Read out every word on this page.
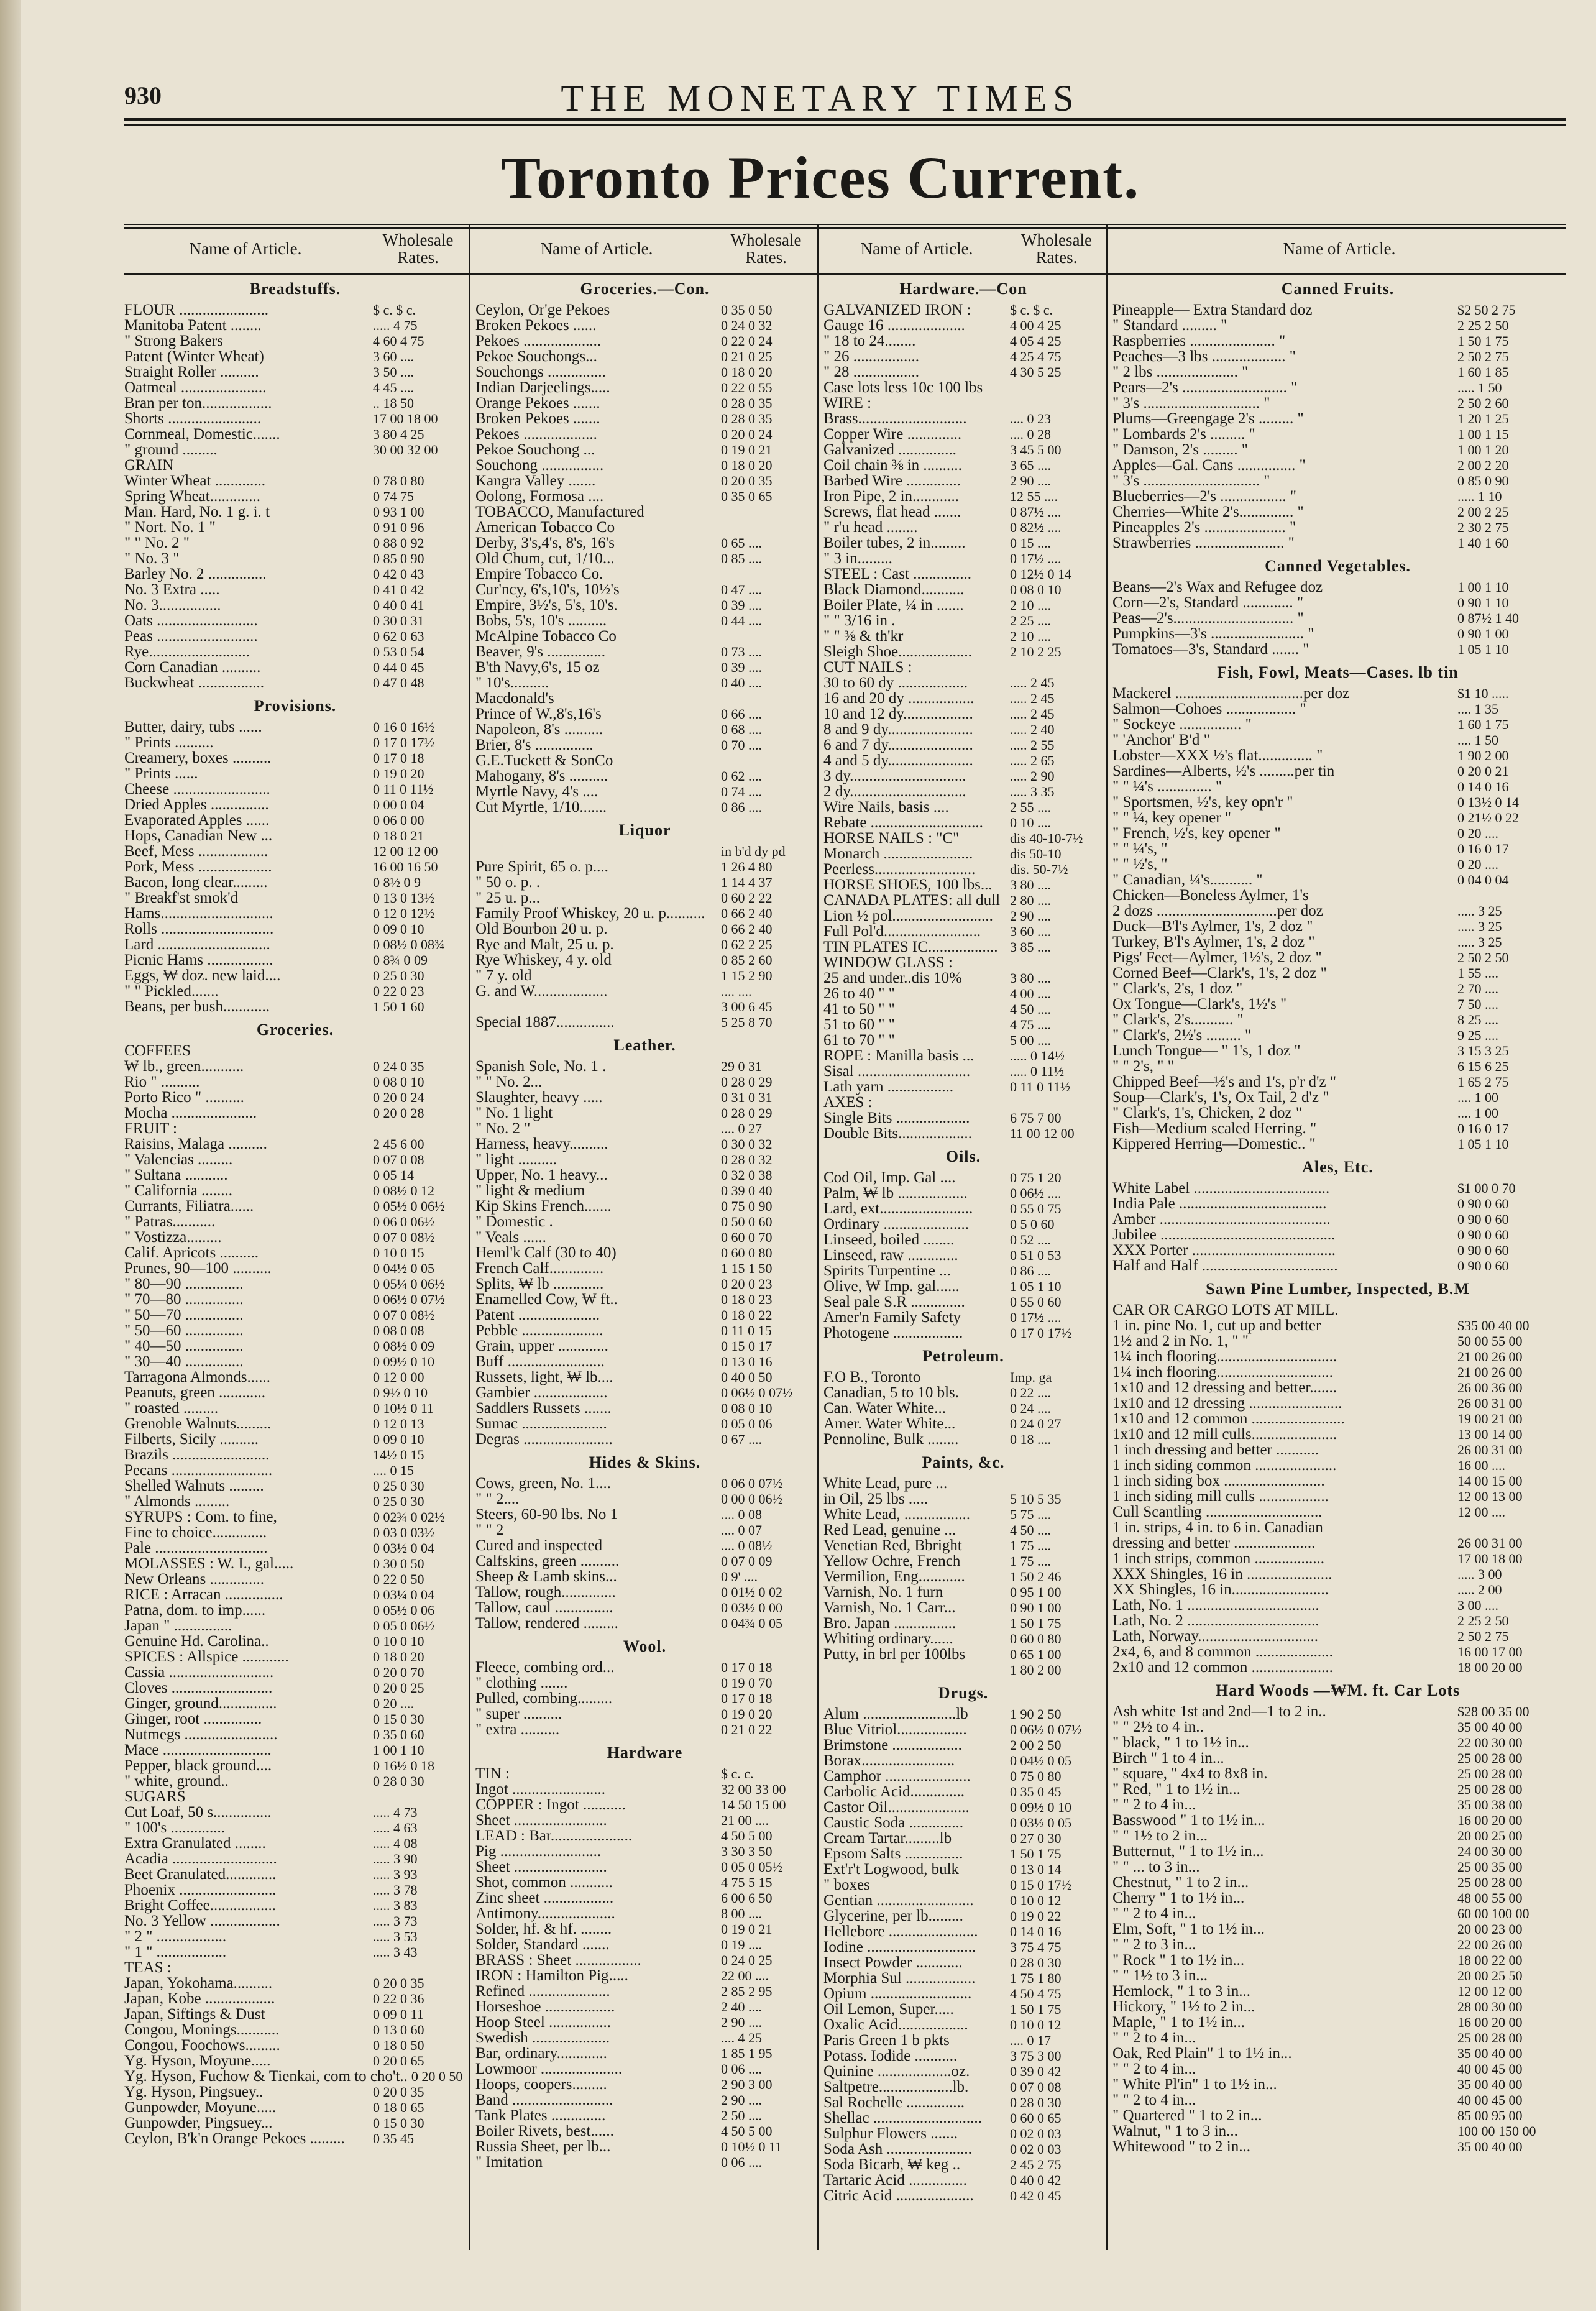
930	THE MONETARY TIMES
Toronto Prices Current.
Name of Article.	Wholesale Rates.	Name of Article.	Wholesale Rates.	Name of Article.	Wholesale Rates.	Name of Article.
Breadstuffs.
FLOUR .......................	$ c. $ c.
Manitoba Patent ........	..... 4 75
" Strong Bakers	4 60 4 75
Patent (Winter Wheat)	3 60 ....
Straight Roller ..........	3 50 ....
Oatmeal ......................	4 45 ....
Bran per ton..................	.. 18 50
Shorts ........................	17 00 18 00
Cornmeal, Domestic.......	3 80 4 25
" ground .........	30 00 32 00
GRAIN
Winter Wheat .............	0 78 0 80
Spring Wheat.............	0 74 75
Man. Hard, No. 1 g. i. t	0 93 1 00
" Nort. No. 1 "	0 91 0 96
" " No. 2 "	0 88 0 92
" No. 3 "	0 85 0 90
Barley No. 2 ...............	0 42 0 43
No. 3 Extra .....	0 41 0 42
No. 3................	0 40 0 41
Oats ..........................	0 30 0 31
Peas ..........................	0 62 0 63
Rye..........................	0 53 0 54
Corn Canadian ..........	0 44 0 45
Buckwheat .................	0 47 0 48
Provisions.
Butter, dairy, tubs ......	0 16 0 16½
" Prints ..........	0 17 0 17½
Creamery, boxes ..........	0 17 0 18
" Prints ......	0 19 0 20
Cheese .........................	0 11 0 11½
Dried Apples ...............	0 00 0 04
Evaporated Apples ......	0 06 0 00
Hops, Canadian New ...	0 18 0 21
Beef, Mess ..................	12 00 12 00
Pork, Mess ...................	16 00 16 50
Bacon, long clear.........	0 8½ 0 9
" Breakf'st smok'd	0 13 0 13½
Hams.............................	0 12 0 12½
Rolls .............................	0 09 0 10
Lard .............................	0 08½ 0 08¾
Picnic Hams .................	0 8¾ 0 09
Eggs, ₩ doz. new laid....	0 25 0 30
" " Pickled.......	0 22 0 23
Beans, per bush............	1 50 1 60
Groceries.
COFFEES
₩ lb., green...........	0 24 0 35
Rio " ..........	0 08 0 10
Porto Rico " ..........	0 20 0 24
Mocha ......................	0 20 0 28
FRUIT :
Raisins, Malaga ..........	2 45 6 00
" Valencias .........	0 07 0 08
" Sultana ...........	0 05 14
" California ........	0 08½ 0 12
Currants, Filiatra......	0 05½ 0 06½
" Patras...........	0 06 0 06½
" Vostizza.........	0 07 0 08½
Calif. Apricots ..........	0 10 0 15
Prunes, 90—100 ..........	0 04½ 0 05
" 80—90 ...............	0 05¼ 0 06½
" 70—80 ...............	0 06½ 0 07½
" 50—70 ...............	0 07 0 08½
" 50—60 ...............	0 08 0 08
" 40—50 ...............	0 08½ 0 09
" 30—40 ...............	0 09½ 0 10
Tarragona Almonds......	0 12 0 00
Peanuts, green ............	0 9½ 0 10
" roasted .........	0 10½ 0 11
Grenoble Walnuts.........	0 12 0 13
Filberts, Sicily ..........	0 09 0 10
Brazils .........................	14½ 0 15
Pecans ..........................	.... 0 15
Shelled Walnuts .........	0 25 0 30
" Almonds .........	0 25 0 30
SYRUPS : Com. to fine,	0 02¾ 0 02½
Fine to choice..............	0 03 0 03½
Pale .............................	0 03½ 0 04
MOLASSES : W. I., gal.....	0 30 0 50
New Orleans ..............	0 22 0 50
RICE : Arracan ...............	0 03¼ 0 04
Patna, dom. to imp......	0 05½ 0 06
Japan " ...............	0 05 0 06½
Genuine Hd. Carolina..	0 10 0 10
SPICES : Allspice ............	0 18 0 20
Cassia ...........................	0 20 0 70
Cloves ..........................	0 20 0 25
Ginger, ground...............	0 20 ....
Ginger, root ...............	0 15 0 30
Nutmegs ........................	0 35 0 60
Mace ............................	1 00 1 10
Pepper, black ground....	0 16½ 0 18
" white, ground..	0 28 0 30
SUGARS
Cut Loaf, 50 s...............	..... 4 73
" 100's ..............	..... 4 63
Extra Granulated ........	..... 4 08
Acadia ...........................	..... 3 90
Beet Granulated.............	..... 3 93
Phoenix .........................	..... 3 78
Bright Coffee.................	..... 3 83
No. 3 Yellow ..................	..... 3 73
" 2 " ..................	..... 3 53
" 1 " ..................	..... 3 43
TEAS :
Japan, Yokohama..........	0 20 0 35
Japan, Kobe ..................	0 22 0 36
Japan, Siftings & Dust	0 09 0 11
Congou, Monings...........	0 13 0 60
Congou, Foochows.........	0 18 0 50
Yg. Hyson, Moyune.....	0 20 0 65
Yg. Hyson, Fuchow & Tienkai, com to cho't.. 0 20 0 50
Yg. Hyson, Pingsuey..	0 20 0 35
Gunpowder, Moyune.....	0 18 0 65
Gunpowder, Pingsuey...	0 15 0 30
Ceylon, B'k'n Orange Pekoes .........	0 35 45
Groceries.—Con.
Ceylon, Or'ge Pekoes	0 35 0 50
Broken Pekoes ......	0 24 0 32
Pekoes ....................	0 22 0 24
Pekoe Souchongs...	0 21 0 25
Souchongs ...............	0 18 0 20
Indian Darjeelings.....	0 22 0 55
Orange Pekoes .......	0 28 0 35
Broken Pekoes .......	0 28 0 35
Pekoes ...................	0 20 0 24
Pekoe Souchong ...	0 19 0 21
Souchong ................	0 18 0 20
Kangra Valley .......	0 20 0 35
Oolong, Formosa ....	0 35 0 65
TOBACCO, Manufactured
American Tobacco Co
Derby, 3's,4's, 8's, 16's	0 65 ....
Old Chum, cut, 1/10...	0 85 ....
Empire Tobacco Co.
Cur'ncy, 6's,10's, 10½'s	0 47 ....
Empire, 3½'s, 5's, 10's.	0 39 ....
Bobs, 5's, 10's ..........	0 44 ....
McAlpine Tobacco Co
Beaver, 9's ...............	0 73 ....
B'th Navy,6's, 15 oz	0 39 ....
" 10's..........	0 40 ....
Macdonald's
Prince of W.,8's,16's	0 66 ....
Napoleon, 8's ..........	0 68 ....
Brier, 8's ...............	0 70 ....
G.E.Tuckett & SonCo
Mahogany, 8's ..........	0 62 ....
Myrtle Navy, 4's ....	0 74 ....
Cut Myrtle, 1/10.......	0 86 ....
Liquor
in b'd dy pd
Pure Spirit, 65 o. p....	1 26 4 80
" 50 o. p. .	1 14 4 37
" 25 u. p...	0 60 2 22
Family Proof Whiskey, 20 u. p..........	0 66 2 40
Old Bourbon 20 u. p.	0 66 2 40
Rye and Malt, 25 u. p.	0 62 2 25
Rye Whiskey, 4 y. old	0 85 2 60
" 7 y. old	1 15 2 90
G. and W...................	.... ....
3 00 6 45
Special 1887...............	5 25 8 70
Leather.
Spanish Sole, No. 1 .	29 0 31
" " No. 2...	0 28 0 29
Slaughter, heavy .....	0 31 0 31
" No. 1 light	0 28 0 29
" No. 2 "	.... 0 27
Harness, heavy..........	0 30 0 32
" light ..........	0 28 0 32
Upper, No. 1 heavy...	0 32 0 38
" light & medium	0 39 0 40
Kip Skins French.......	0 75 0 90
" Domestic .	0 50 0 60
" Veals ......	0 60 0 70
Heml'k Calf (30 to 40)	0 60 0 80
French Calf..............	1 15 1 50
Splits, ₩ lb .............	0 20 0 23
Enamelled Cow, ₩ ft..	0 18 0 23
Patent .....................	0 18 0 22
Pebble .....................	0 11 0 15
Grain, upper .............	0 15 0 17
Buff .........................	0 13 0 16
Russets, light, ₩ lb....	0 40 0 50
Gambier ...................	0 06½ 0 07½
Saddlers Russets .......	0 08 0 10
Sumac ......................	0 05 0 06
Degras .......................	0 67 ....
Hides & Skins.
Cows, green, No. 1....	0 06 0 07½
" " 2....	0 00 0 06½
Steers, 60-90 lbs. No 1	.... 0 08
" " 2	.... 0 07
Cured and inspected	.... 0 08½
Calfskins, green ..........	0 07 0 09
Sheep & Lamb skins...	0 9' ....
Tallow, rough..............	0 01½ 0 02
Tallow, caul ...............	0 03½ 0 00
Tallow, rendered .........	0 04¾ 0 05
Wool.
Fleece, combing ord...	0 17 0 18
" clothing .......	0 19 0 70
Pulled, combing.........	0 17 0 18
" super ..........	0 19 0 20
" extra ..........	0 21 0 22
Hardware
TIN :	$ c. c.
Ingot ........................	32 00 33 00
COPPER : Ingot ...........	14 50 15 00
Sheet ........................	21 00 ....
LEAD : Bar.....................	4 50 5 00
Pig ..........................	3 30 3 50
Sheet ........................	0 05 0 05½
Shot, common ...........	4 75 5 15
Zinc sheet ..................	6 00 6 50
Antimony....................	8 00 ....
Solder, hf. & hf. ........	0 19 0 21
Solder, Standard .......	0 19 ....
BRASS : Sheet .................	0 24 0 25
IRON : Hamilton Pig.....	22 00 ....
Refined .....................	2 85 2 95
Horseshoe ..................	2 40 ....
Hoop Steel ................	2 90 ....
Swedish ....................	.... 4 25
Bar, ordinary.............	1 85 1 95
Lowmoor .....................	0 06 ....
Hoops, coopers.........	2 90 3 00
Band ..........................	2 90 ....
Tank Plates ..............	2 50 ....
Boiler Rivets, best......	4 50 5 00
Russia Sheet, per lb...	0 10½ 0 11
" Imitation	0 06 ....
Hardware.—Con
GALVANIZED IRON :	$ c. $ c.
Gauge 16 ....................	4 00 4 25
" 18 to 24........	4 05 4 25
" 26 .................	4 25 4 75
" 28 .................	4 30 5 25
Case lots less 10c 100 lbs
WIRE :
Brass............................	.... 0 23
Copper Wire ..............	.... 0 28
Galvanized ...............	3 45 5 00
Coil chain ⅜ in ..........	3 65 ....
Barbed Wire ..............	2 90 ....
Iron Pipe, 2 in............	12 55 ....
Screws, flat head .......	0 87½ ....
" r'u head ........	0 82½ ....
Boiler tubes, 2 in.........	0 15 ....
" 3 in.........	0 17½ ....
STEEL : Cast ...............	0 12½ 0 14
Black Diamond...........	0 08 0 10
Boiler Plate, ¼ in .......	2 10 ....
" " 3/16 in .	2 25 ....
" " ⅜ & th'kr	2 10 ....
Sleigh Shoe...................	2 10 2 25
CUT NAILS :
30 to 60 dy ..................	..... 2 45
16 and 20 dy .................	..... 2 45
10 and 12 dy..................	..... 2 45
8 and 9 dy......................	..... 2 40
6 and 7 dy......................	..... 2 55
4 and 5 dy......................	..... 2 65
3 dy..............................	..... 2 90
2 dy..............................	..... 3 35
Wire Nails, basis ....	2 55 ....
Rebate .............................	0 10 ....
HORSE NAILS : "C"	dis 40-10-7½
Monarch .......................	dis 50-10
Peerless..........................	dis. 50-7½
HORSE SHOES, 100 lbs...	3 80 ....
CANADA PLATES: all dull 2 80 ....
Lion ½ pol..........................	2 90 ....
Full Pol'd.........................	3 60 ....
TIN PLATES IC.................. 3 85 ....
WINDOW GLASS :
25 and under..dis 10%	3 80 ....
26 to 40 " "	4 00 ....
41 to 50 " "	4 50 ....
51 to 60 " "	4 75 ....
61 to 70 " "	5 00 ....
ROPE : Manilla basis ...	..... 0 14½
Sisal .............................	..... 0 11½
Lath yarn .................	0 11 0 11½
AXES :
Single Bits ...................	6 75 7 00
Double Bits...................	11 00 12 00
Oils.
Cod Oil, Imp. Gal ....	0 75 1 20
Palm, ₩ lb ..................	0 06½ ....
Lard, ext........................	0 55 0 75
Ordinary ......................	0 5 0 60
Linseed, boiled ........	0 52 ....
Linseed, raw .............	0 51 0 53
Spirits Turpentine ...	0 86 ....
Olive, ₩ Imp. gal......	1 05 1 10
Seal pale S.R ..............	0 55 0 60
Amer'n Family Safety	0 17½ ....
Photogene ..................	0 17 0 17½
Petroleum.
F.O B., Toronto	Imp. ga
Canadian, 5 to 10 bls.	0 22 ....
Can. Water White...	0 24 ....
Amer. Water White...	0 24 0 27
Pennoline, Bulk ........	0 18 ....
Paints, &c.
White Lead, pure ...
in Oil, 25 lbs .....	5 10 5 35
White Lead, .................	5 75 ....
Red Lead, genuine ...	4 50 ....
Venetian Red, Bbright	1 75 ....
Yellow Ochre, French	1 75 ....
Vermilion, Eng............	1 50 2 46
Varnish, No. 1 furn	0 95 1 00
Varnish, No. 1 Carr...	0 90 1 00
Bro. Japan ................	1 50 1 75
Whiting ordinary......	0 60 0 80
Putty, in brl per 100lbs	0 65 1 00
1 80 2 00
Drugs.
Alum ........................lb	1 90 2 50
Blue Vitriol..................	0 06½ 0 07½
Brimstone ..................	2 00 2 50
Borax........................	0 04½ 0 05
Camphor ......................	0 75 0 80
Carbolic Acid..............	0 35 0 45
Castor Oil.....................	0 09½ 0 10
Caustic Soda ..............	0 03½ 0 05
Cream Tartar.........lb	0 27 0 30
Epsom Salts ...............	1 50 1 75
Ext'r't Logwood, bulk	0 13 0 14
" boxes	0 15 0 17½
Gentian .........................	0 10 0 12
Glycerine, per lb.........	0 19 0 22
Hellebore .......................	0 14 0 16
Iodine ............................	3 75 4 75
Insect Powder ............	0 28 0 30
Morphia Sul ..................	1 75 1 80
Opium ..........................	4 50 4 75
Oil Lemon, Super.....	1 50 1 75
Oxalic Acid..................	0 10 0 12
Paris Green 1 b pkts	.... 0 17
Potass. Iodide ...........	3 75 3 00
Quinine ...................oz.	0 39 0 42
Saltpetre...................lb.	0 07 0 08
Sal Rochelle ...............	0 28 0 30
Shellac ............................	0 60 0 65
Sulphur Flowers .......	0 02 0 03
Soda Ash ......................	0 02 0 03
Soda Bicarb, ₩ keg ..	2 45 2 75
Tartaric Acid ...............	0 40 0 42
Citric Acid ....................	0 42 0 45
Canned Fruits.
Pineapple— Extra Standard doz	$2 50 2 75
" Standard ......... "	2 25 2 50
Raspberries ...................... "	1 50 1 75
Peaches—3 lbs ................... "	2 50 2 75
" 2 lbs ..................... "	1 60 1 85
Pears—2's ........................... "	..... 1 50
" 3's .............................. "	2 50 2 60
Plums—Greengage 2's ......... "	1 20 1 25
" Lombards 2's ......... "	1 00 1 15
" Damson, 2's ......... "	1 00 1 20
Apples—Gal. Cans ............... "	2 00 2 20
" 3's .............................. "	0 85 0 90
Blueberries—2's ................. "	..... 1 10
Cherries—White 2's.............. "	2 00 2 25
Pineapples 2's ..................... "	2 30 2 75
Strawberries ....................... "	1 40 1 60
Canned Vegetables.
Beans—2's Wax and Refugee doz	1 00 1 10
Corn—2's, Standard ............. "	0 90 1 10
Peas—2's............................... "	0 87½ 1 40
Pumpkins—3's ........................ "	0 90 1 00
Tomatoes—3's, Standard ....... "	1 05 1 10
Fish, Fowl, Meats—Cases. lb tin
Mackerel .................................per doz	$1 10 .....
Salmon—Cohoes .................. "	.... 1 35
" Sockeye ................ "	1 60 1 75
" 'Anchor' B'd "	.... 1 50
Lobster—XXX ½'s flat.............. "	1 90 2 00
Sardines—Alberts, ½'s .........per tin	0 20 0 21
" " ¼'s .............. "	0 14 0 16
" Sportsmen, ½'s, key opn'r "	0 13½ 0 14
" " ¼, key opener "	0 21½ 0 22
" French, ½'s, key opener "	0 20 ....
" " ¼'s, "	0 16 0 17
" " ½'s, "	0 20 ....
" Canadian, ¼'s........... "	0 04 0 04
Chicken—Boneless Aylmer, 1's
2 dozs ...............................per doz	..... 3 25
Duck—B'l's Aylmer, 1's, 2 doz "	..... 3 25
Turkey, B'l's Aylmer, 1's, 2 doz "	..... 3 25
Pigs' Feet—Aylmer, 1½'s, 2 doz "	2 50 2 50
Corned Beef—Clark's, 1's, 2 doz "	1 55 ....
" Clark's, 2's, 1 doz "	2 70 ....
Ox Tongue—Clark's, 1½'s "	7 50 ....
" Clark's, 2's........... "	8 25 ....
" Clark's, 2½'s ......... "	9 25 ....
Lunch Tongue— " 1's, 1 doz "	3 15 3 25
" " 2's, " "	6 15 6 25
Chipped Beef—½'s and 1's, p'r d'z "	1 65 2 75
Soup—Clark's, 1's, Ox Tail, 2 d'z "	.... 1 00
" Clark's, 1's, Chicken, 2 doz "	.... 1 00
Fish—Medium scaled Herring. "	0 16 0 17
Kippered Herring—Domestic.. "	1 05 1 10
Ales, Etc.
White Label ...................................	$1 00 0 70
India Pale ......................................	0 90 0 60
Amber ............................................	0 90 0 60
Jubilee .............................................	0 90 0 60
XXX Porter .....................................	0 90 0 60
Half and Half ...................................	0 90 0 60
Sawn Pine Lumber, Inspected, B.M
CAR OR CARGO LOTS AT MILL.
1 in. pine No. 1, cut up and better	$35 00 40 00
1½ and 2 in No. 1, " "	50 00 55 00
1¼ inch flooring...............................	21 00 26 00
1¼ inch flooring..............................	21 00 26 00
1x10 and 12 dressing and better.......	26 00 36 00
1x10 and 12 dressing ........................	26 00 31 00
1x10 and 12 common ........................	19 00 21 00
1x10 and 12 mill culls......................	13 00 14 00
1 inch dressing and better ...........	26 00 31 00
1 inch siding common .....................	16 00 ....
1 inch siding box ..........................	14 00 15 00
1 inch siding mill culls ..................	12 00 13 00
Cull Scantling ..............................	12 00 ....
1 in. strips, 4 in. to 6 in. Canadian
dressing and better .....................	26 00 31 00
1 inch strips, common ..................	17 00 18 00
XXX Shingles, 16 in ......................	..... 3 00
XX Shingles, 16 in.........................	..... 2 00
Lath, No. 1 ..................................	3 00 ....
Lath, No. 2 ..................................	2 25 2 50
Lath, Norway...............................	2 50 2 75
2x4, 6, and 8 common ....................	16 00 17 00
2x10 and 12 common .....................	18 00 20 00
Hard Woods —₩M. ft. Car Lots
Ash white 1st and 2nd—1 to 2 in..	$28 00 35 00
" " 2½ to 4 in..	35 00 40 00
" black, " 1 to 1½ in...	22 00 30 00
Birch " 1 to 4 in...	25 00 28 00
" square, " 4x4 to 8x8 in.	25 00 28 00
" Red, " 1 to 1½ in...	25 00 28 00
" " 2 to 4 in...	35 00 38 00
Basswood " 1 to 1½ in...	16 00 20 00
" " 1½ to 2 in...	20 00 25 00
Butternut, " 1 to 1½ in...	24 00 30 00
" " ... to 3 in...	25 00 35 00
Chestnut, " 1 to 2 in...	25 00 28 00
Cherry " 1 to 1½ in...	48 00 55 00
" " 2 to 4 in...	60 00 100 00
Elm, Soft, " 1 to 1½ in...	20 00 23 00
" " 2 to 3 in...	22 00 26 00
" Rock " 1 to 1½ in...	18 00 22 00
" " 1½ to 3 in...	20 00 25 50
Hemlock, " 1 to 3 in...	12 00 12 00
Hickory, " 1½ to 2 in...	28 00 30 00
Maple, " 1 to 1½ in...	16 00 20 00
" " 2 to 4 in...	25 00 28 00
Oak, Red Plain" 1 to 1½ in...	35 00 40 00
" " 2 to 4 in...	40 00 45 00
" White Pl'in" 1 to 1½ in...	35 00 40 00
" " 2 to 4 in...	40 00 45 00
" Quartered " 1 to 2 in...	85 00 95 00
Walnut, " 1 to 3 in...	100 00 150 00
Whitewood " to 2 in...	35 00 40 00
